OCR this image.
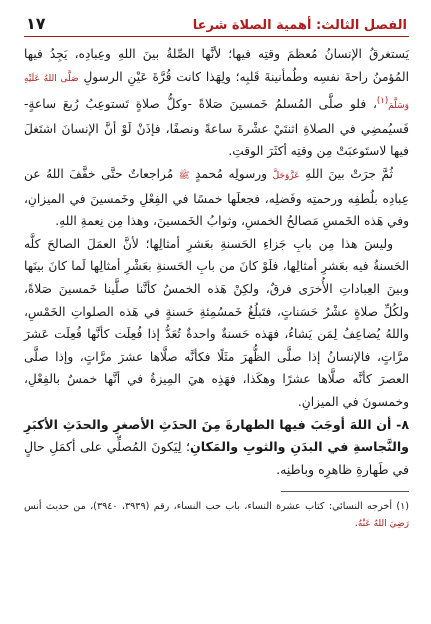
الفصل الثالث: أهمية الصلاة شرعا
١٧

يَستغرقُ الإنسانُ مُعظمَ وقتِه فيها؛ لأنَّها الصِّلةُ بينَ اللهِ وعِبادِه، يَجِدُ فيها المُؤمنُ راحةَ نفسِه وطُمأنينةَ قَلبِه؛ ولِهَذا كانت قُرَّةَ عَيْنِ الرسولِ صَلَّى اللهُ عَلَيْهِ وَسَلَّمَ$^{(١)}$، فلو صلَّى المُسلمُ خَمسينَ صَلاةً -وكلُّ صلاةٍ تَستوعِبُ رُبعَ ساعةٍ- فَسيُمضِي في الصلاةِ اثنتَيْ عشْرةَ ساعةً ونصفًا، فإذَنْ لَوْ أنَّ الإنسانَ اشتَغلَ فيها لاستَوعبَتْ مِن وقتِه أكثَرَ الوقتِ.

ثُمَّ جرَتْ بينَ اللهِ عَزَّوَجَلَّ ورسولِه مُحمدٍ ﷺ مُراجعاتٌ حتَّى خفَّفَ اللهُ عن عِبادِه بلُطفِه ورحمتِه وفَضلِه، فجعلَها خمسًا في الفِعْلِ وخَمسينَ في الميزانِ، وفي هَذه الخَمسِ مَصالحُ الخمسِ، وثوابُ الخَمسينَ، وهذا مِن نِعمةِ اللهِ.

وليسَ هذا مِن بابِ جَزاءِ الحَسنةِ بعَشرِ أمثالِها؛ لأنَّ العمَلَ الصالحَ كلَّه الحَسنةُ فيه بعَشرِ أمثالِها، فلَوْ كانَ من بابِ الحَسنةِ بعَشْرِ أمثالِها لَما كانَ بينَها وبينَ العِباداتِ الأُخرَى فرقٌ، ولكِنْ هَذه الخمسُ كأنَّنا صلَّينا خَمسينَ صَلاةً، ولكُلِّ صلاةٍ عشْرُ حَسَناتٍ، فتَبلُغُ خَمسُمِئةِ حَسنةٍ في هَذه الصلواتِ الخَمْسِ، واللهُ يُضاعِفُ لِمَن يَشاءُ، فهَذه حَسنةٌ واحدةٌ تُعَدُّ إذا فُعِلَت كأنَّها فُعِلَت عَشرَ مرَّاتٍ، فالإنسانُ إذا صلَّى الظُّهرَ مثَلًا فكأنَّه صلَّاها عشرَ مرَّاتٍ، وإذا صلَّى العصرَ كأنَّه صلَّاها عشرًا وهكَذا، فهَذِه هيَ المِيزةُ في أنَّها خمسٌ بالفِعْلِ، وخمسونَ في الميزانِ.

٨- أن اللهَ أوجَبَ فيها الطهارةَ مِنَ الحدَثِ الأصغرِ والحدَثِ الأكبَرِ والنَّجاسةِ في البدَنِ والثوبِ والمَكانِ؛ لِيَكونَ المُصلِّي على أكمَلِ حالٍ في طَهارةِ ظاهرِه وباطنِه.

(١) أخرجه النسائي: كتاب عشرة النساء، باب حب النساء، رقم (٣٩٣٩، ٣٩٤٠)، من حديث أنس رَضِيَ اللهُ عَنْهُ.
